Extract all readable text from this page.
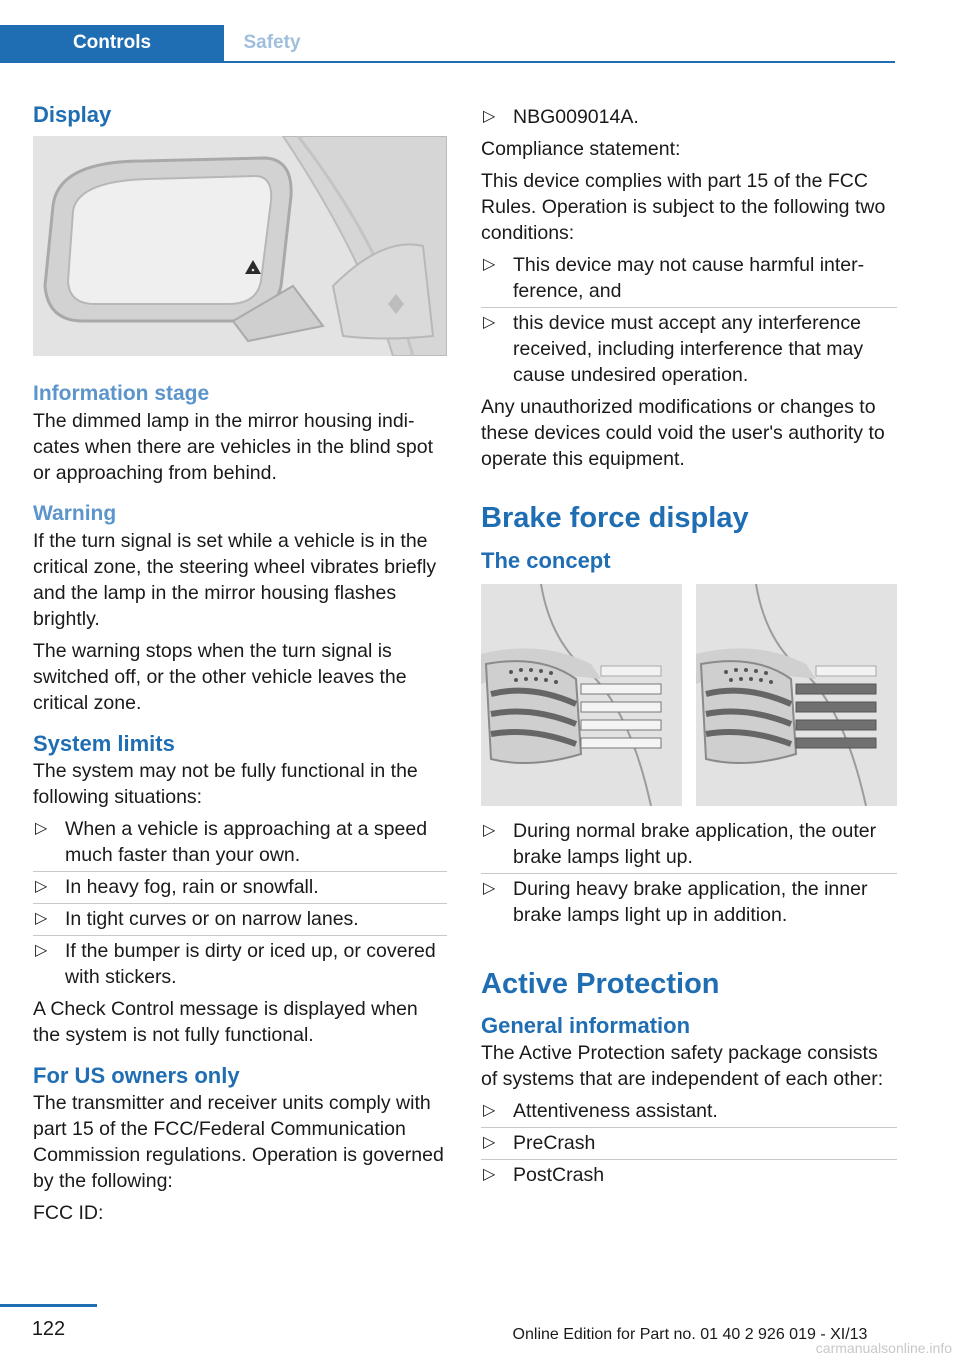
Controls	Safety
Display
Information stage

The dimmed lamp in the mirror housing indicates when there are vehicles in the blind spot or approaching from behind.

Warning

If the turn signal is set while a vehicle is in the critical zone, the steering wheel vibrates briefly and the lamp in the mirror housing flashes brightly.

The warning stops when the turn signal is switched off, or the other vehicle leaves the critical zone.

System limits

The system may not be fully functional in the following situations:

▷ When a vehicle is approaching at a speed much faster than your own.
▷ In heavy fog, rain or snowfall.
▷ In tight curves or on narrow lanes.
▷ If the bumper is dirty or iced up, or covered with stickers.

A Check Control message is displayed when the system is not fully functional.

For US owners only

The transmitter and receiver units comply with part 15 of the FCC/Federal Communication Commission regulations. Operation is governed by the following:

FCC ID:

▷ NBG009014A.

Compliance statement:

This device complies with part 15 of the FCC Rules. Operation is subject to the following two conditions:

▷ This device may not cause harmful interference, and
▷ this device must accept any interference received, including interference that may cause undesired operation.

Any unauthorized modifications or changes to these devices could void the user's authority to operate this equipment.

Brake force display
The concept
▷ During normal brake application, the outer brake lamps light up.
▷ During heavy brake application, the inner brake lamps light up in addition.
Active Protection
General information

The Active Protection safety package consists of systems that are independent of each other:

▷ Attentiveness assistant.
▷ PreCrash
▷ PostCrash
122	Online Edition for Part no. 01 40 2 926 019 - XI/13
carmanualsonline.info
